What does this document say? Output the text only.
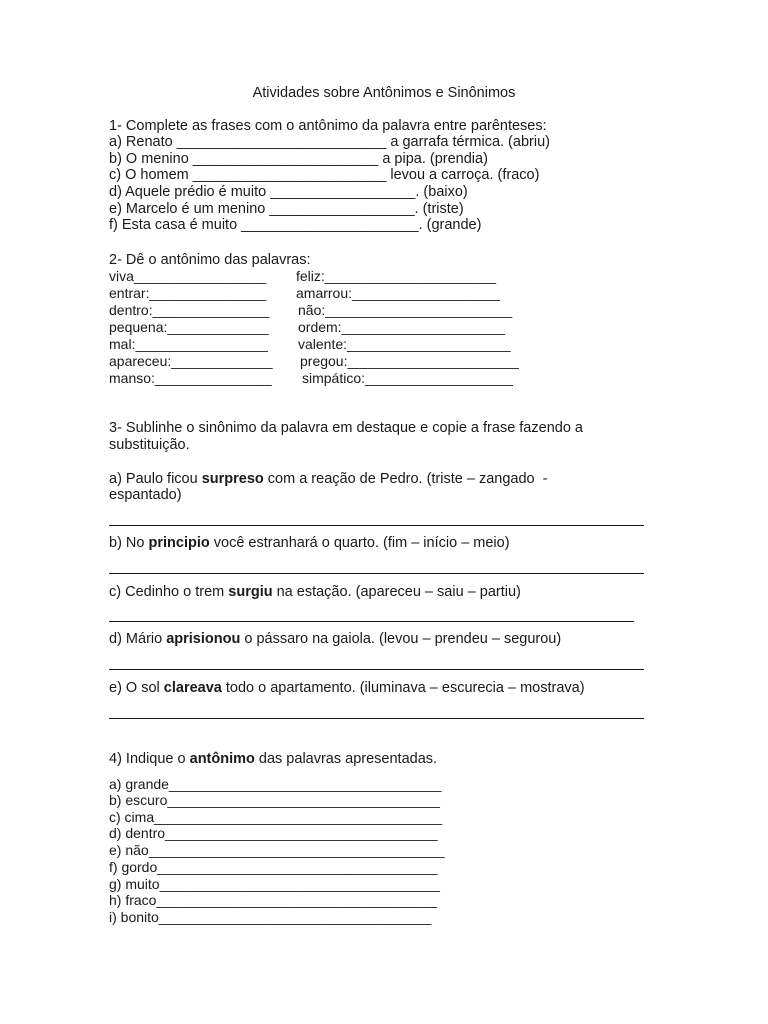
Atividades sobre Antônimos e Sinônimos
1- Complete as frases com o antônimo da palavra entre parênteses:
a) Renato __________________________ a garrafa térmica. (abriu)
b) O menino _______________________ a pipa. (prendia)
c) O homem ________________________ levou a carroça. (fraco)
d) Aquele prédio é muito __________________. (baixo)
e) Marcelo é um menino __________________. (triste)
f) Esta casa é muito ______________________. (grande)
2- Dê o antônimo das palavras:
viva_________________
entrar:_______________
dentro:_______________
pequena:_____________
mal:_________________
apareceu:_____________
manso:_______________
feliz:______________________
amarrou:___________________
não:________________________
ordem:_____________________
valente:_____________________
pregou:______________________
simpático:___________________
3- Sublinhe o sinônimo da palavra em destaque e copie a frase fazendo a
substituição.
a) Paulo ficou surpreso com a reação de Pedro. (triste – zangado  -
espantado)
b) No principio você estranhará o quarto. (fim – início – meio)
c) Cedinho o trem surgiu na estação. (apareceu – saiu – partiu)
d) Mário aprisionou o pássaro na gaiola. (levou – prendeu – segurou)
e) O sol clareava todo o apartamento. (iluminava – escurecia – mostrava)
4) Indique o antônimo das palavras apresentadas.
a) grande___________________________________
b) escuro___________________________________
c) cima_____________________________________
d) dentro___________________________________
e) não______________________________________
f) gordo____________________________________
g) muito____________________________________
h) fraco____________________________________
i) bonito___________________________________
